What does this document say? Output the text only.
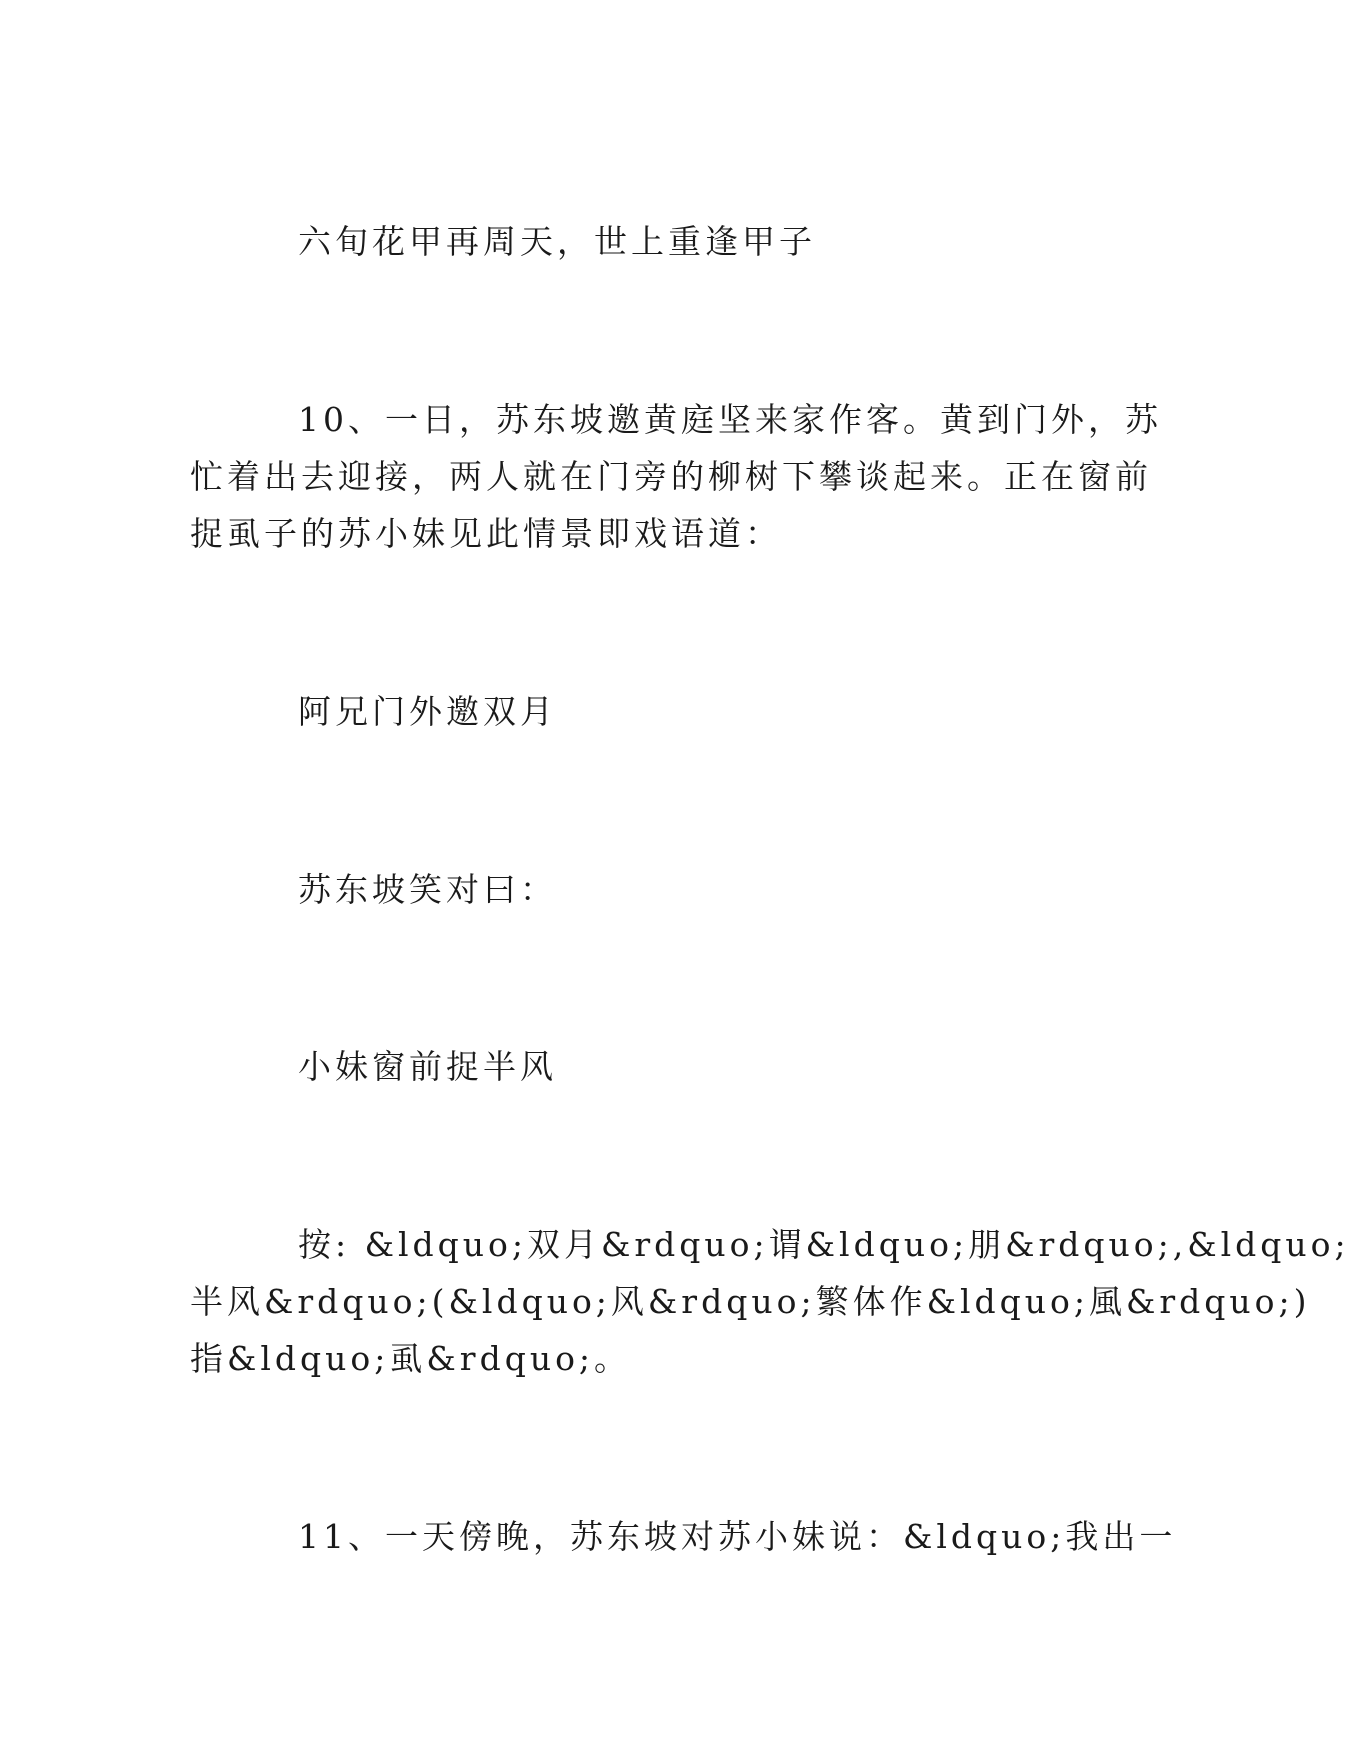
六旬花甲再周天，世上重逢甲子

10、一日，苏东坡邀黄庭坚来家作客。黄到门外，苏
忙着出去迎接，两人就在门旁的柳树下攀谈起来。正在窗前
捉虱子的苏小妹见此情景即戏语道：

阿兄门外邀双月

苏东坡笑对曰：

小妹窗前捉半风

按: &ldquo;双月&rdquo;谓&ldquo;朋&rdquo;,&ldquo;
半风&rdquo;(&ldquo;风&rdquo;繁体作&ldquo;風&rdquo;)
指&ldquo;虱&rdquo;。

11、一天傍晚，苏东坡对苏小妹说：&ldquo;我出一
